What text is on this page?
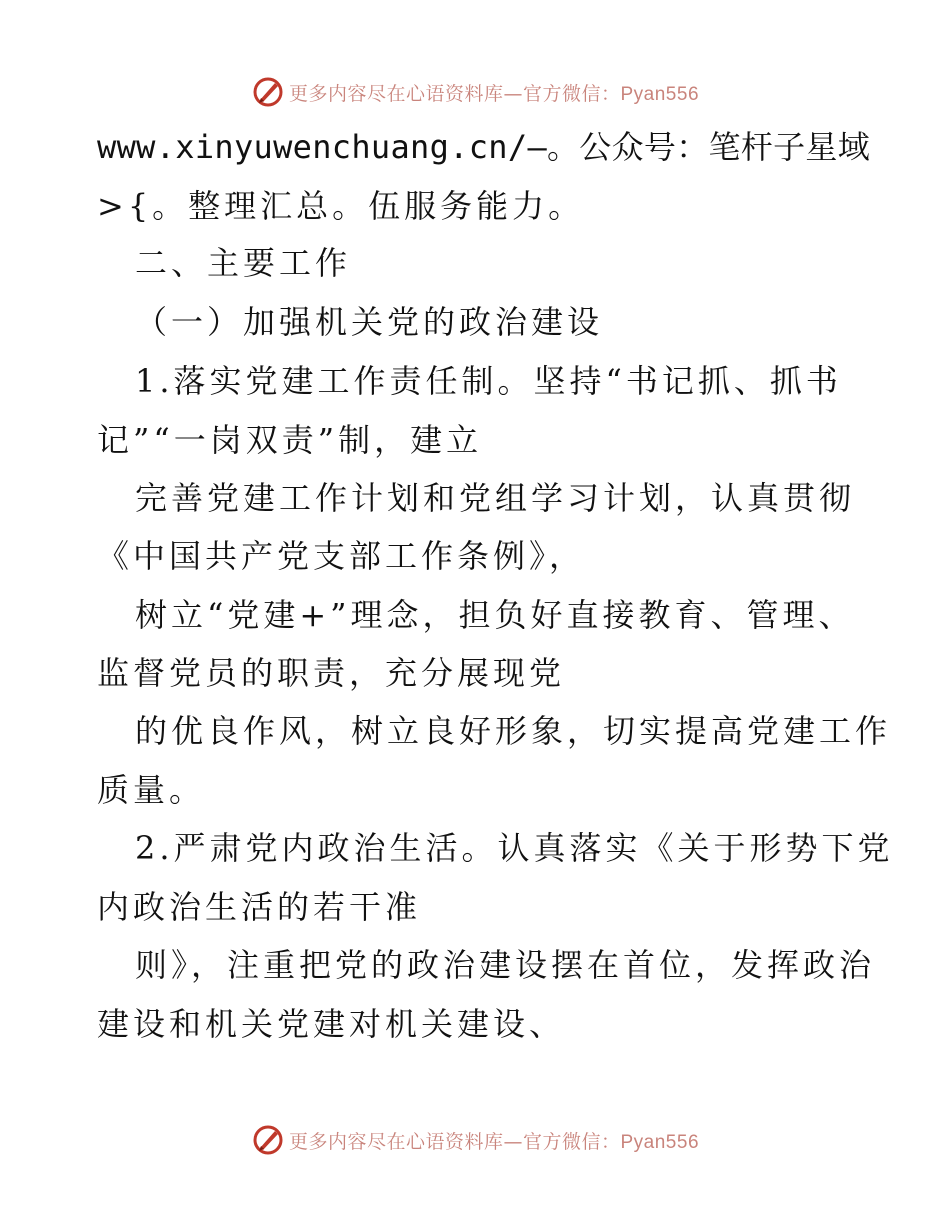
更多内容尽在心语资料库—官方微信：Pyan556
www.xinyuwenchuang.cn/—。公众号：笔杆子星域
>{。整理汇总。伍服务能力。
二、主要工作
（一）加强机关党的政治建设
1.落实党建工作责任制。坚持“书记抓、抓书
记”“一岗双责”制，建立
完善党建工作计划和党组学习计划，认真贯彻
《中国共产党支部工作条例》，
树立“党建+”理念，担负好直接教育、管理、
监督党员的职责，充分展现党
的优良作风，树立良好形象，切实提高党建工作
质量。
2.严肃党内政治生活。认真落实《关于形势下党
内政治生活的若干准
则》，注重把党的政治建设摆在首位，发挥政治
建设和机关党建对机关建设、
更多内容尽在心语资料库—官方微信：Pyan556
